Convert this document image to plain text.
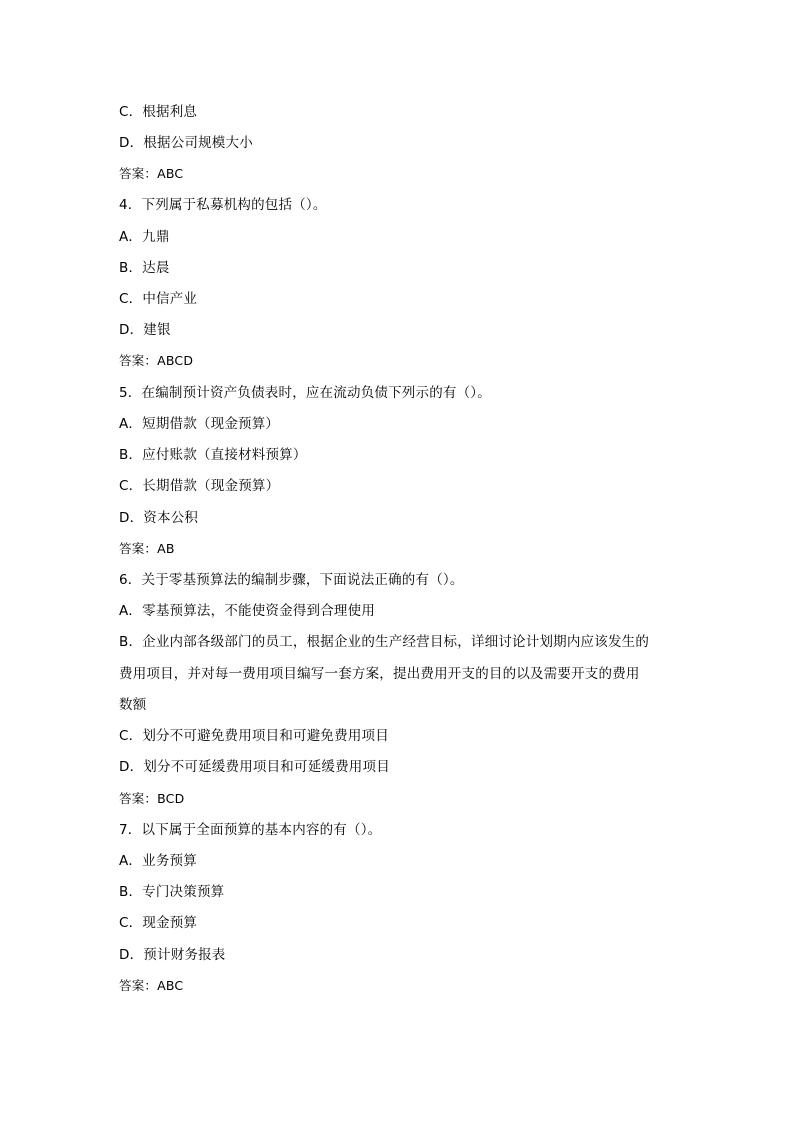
C．根据利息
D．根据公司规模大小
答案：ABC
4．下列属于私募机构的包括（）。
A．九鼎
B．达晨
C．中信产业
D．建银
答案：ABCD
5．在编制预计资产负债表时，应在流动负债下列示的有（）。
A．短期借款（现金预算）
B．应付账款（直接材料预算）
C．长期借款（现金预算）
D．资本公积
答案：AB
6．关于零基预算法的编制步骤，下面说法正确的有（）。
A．零基预算法，不能使资金得到合理使用
B．企业内部各级部门的员工，根据企业的生产经营目标，详细讨论计划期内应该发生的
费用项目，并对每一费用项目编写一套方案，提出费用开支的目的以及需要开支的费用
数额
C．划分不可避免费用项目和可避免费用项目
D．划分不可延缓费用项目和可延缓费用项目
答案：BCD
7．以下属于全面预算的基本内容的有（）。
A．业务预算
B．专门决策预算
C．现金预算
D．预计财务报表
答案：ABC
